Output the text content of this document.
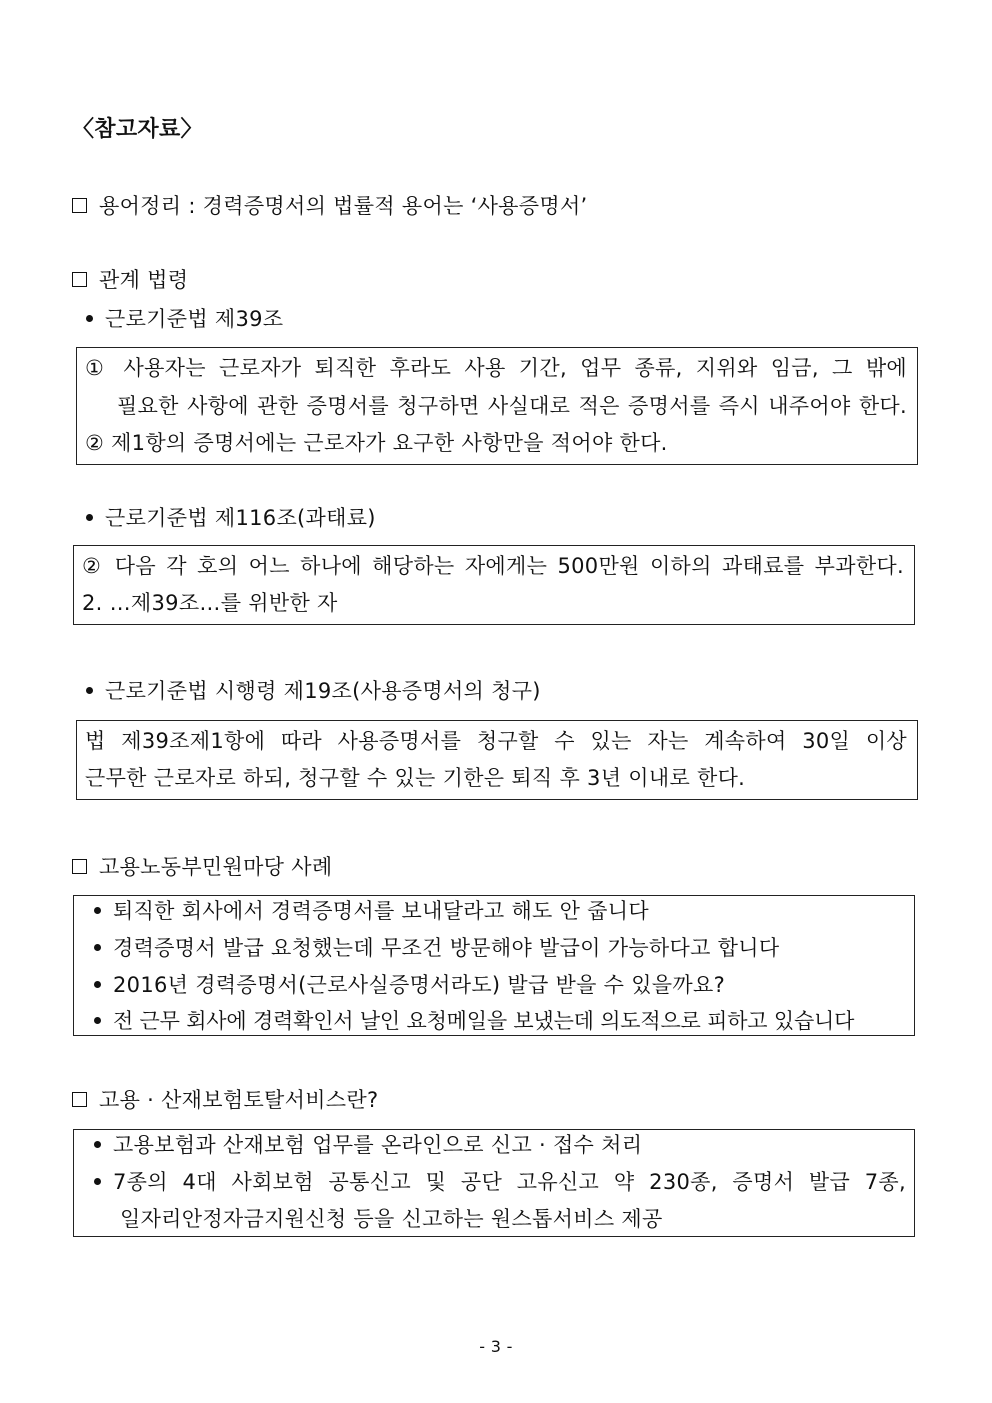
〈참고자료〉
용어정리 : 경력증명서의 법률적 용어는 ‘사용증명서’
관계 법령
근로기준법 제39조
① 사용자는 근로자가 퇴직한 후라도 사용 기간, 업무 종류, 지위와 임금, 그 밖에
필요한 사항에 관한 증명서를 청구하면 사실대로 적은 증명서를 즉시 내주어야 한다.
② 제1항의 증명서에는 근로자가 요구한 사항만을 적어야 한다.
근로기준법 제116조(과태료)
② 다음 각 호의 어느 하나에 해당하는 자에게는 500만원 이하의 과태료를 부과한다.
2. …제39조…를 위반한 자
근로기준법 시행령 제19조(사용증명서의 청구)
법 제39조제1항에 따라 사용증명서를 청구할 수 있는 자는 계속하여 30일 이상
근무한 근로자로 하되, 청구할 수 있는 기한은 퇴직 후 3년 이내로 한다.
고용노동부민원마당 사례
퇴직한 회사에서 경력증명서를 보내달라고 해도 안 줍니다
경력증명서 발급 요청했는데 무조건 방문해야 발급이 가능하다고 합니다
2016년 경력증명서(근로사실증명서라도) 발급 받을 수 있을까요?
전 근무 회사에 경력확인서 날인 요청메일을 보냈는데 의도적으로 피하고 있습니다
고용 · 산재보험토탈서비스란?
고용보험과 산재보험 업무를 온라인으로 신고 · 접수 처리
7종의 4대 사회보험 공통신고 및 공단 고유신고 약 230종, 증명서 발급 7종,
일자리안정자금지원신청 등을 신고하는 원스톱서비스 제공
- 3 -
